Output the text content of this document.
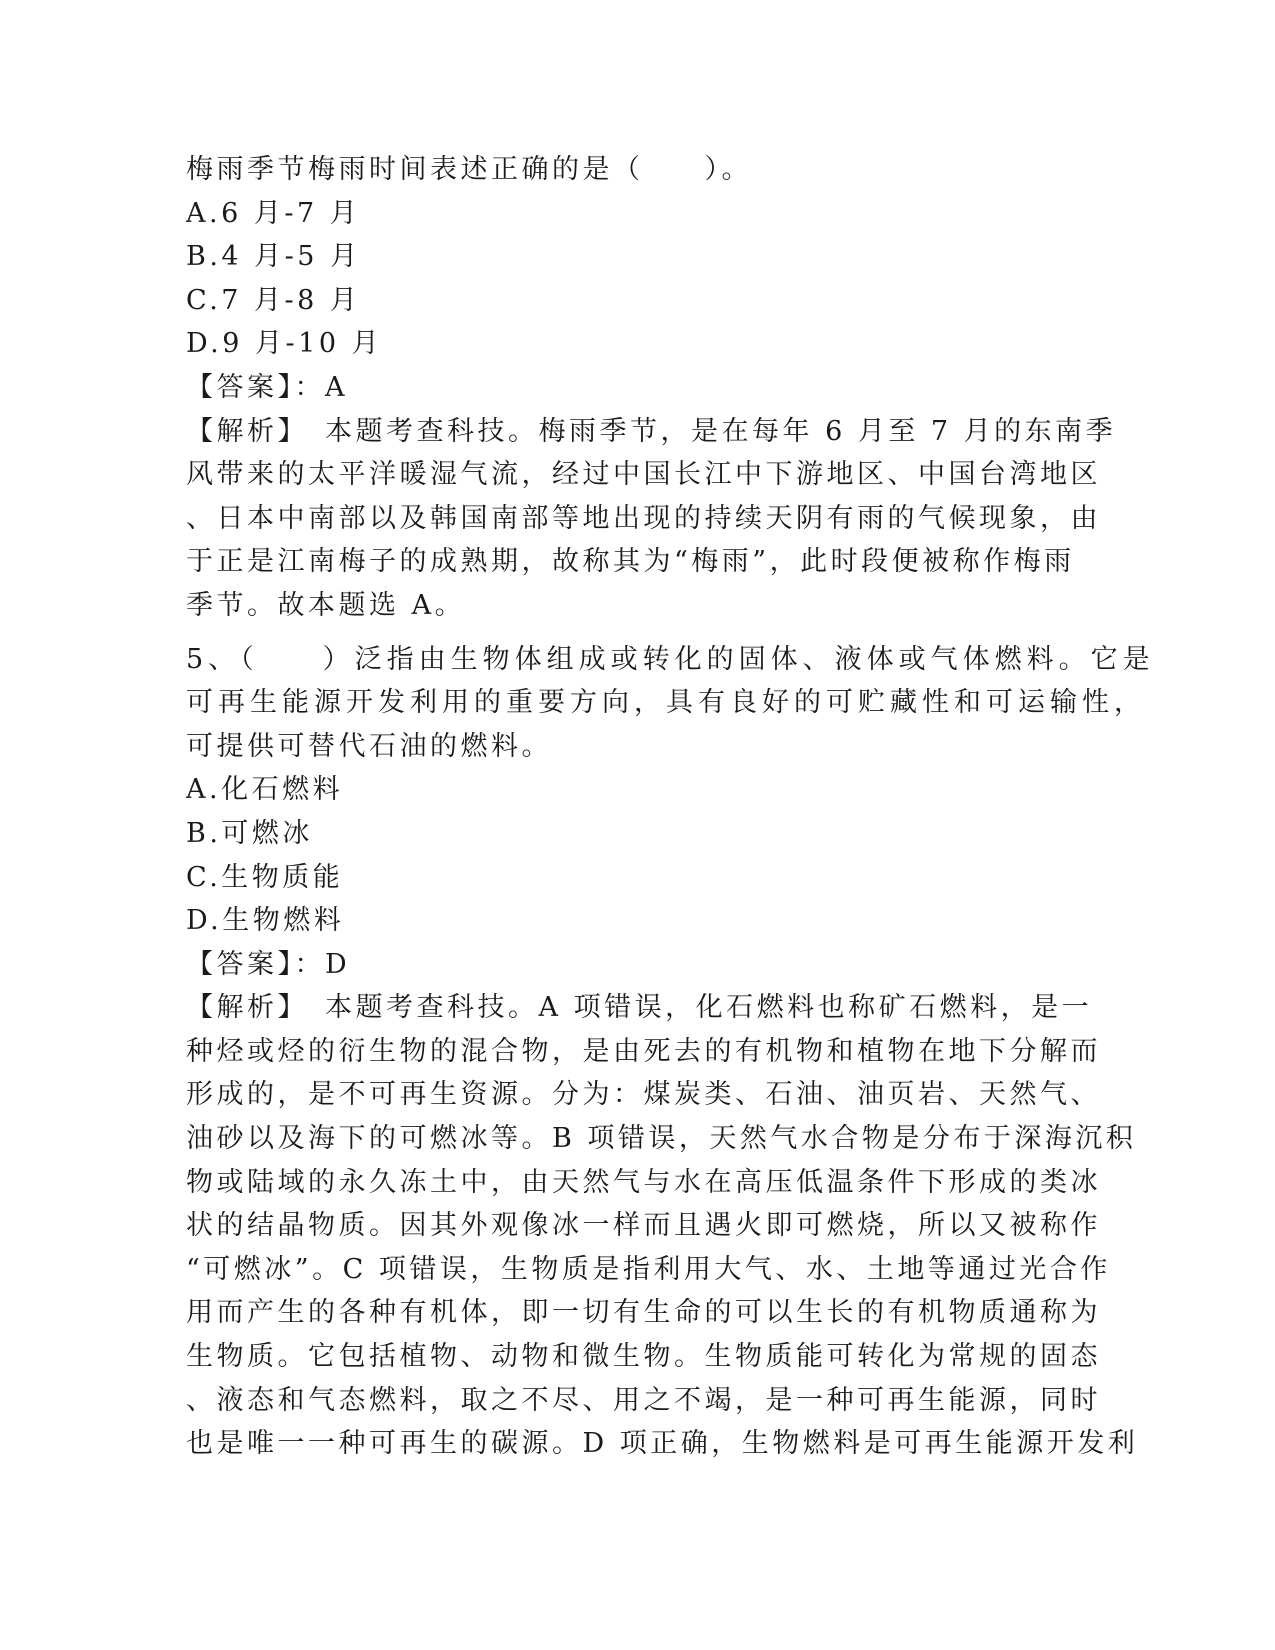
梅雨季节梅雨时间表述正确的是（　　）。
A.6 月-7 月
B.4 月-5 月
C.7 月-8 月
D.9 月-10 月
【答案】：A
【解析】　本题考查科技。梅雨季节，是在每年 6 月至 7 月的东南季
风带来的太平洋暖湿气流，经过中国长江中下游地区、中国台湾地区
、日本中南部以及韩国南部等地出现的持续天阴有雨的气候现象，由
于正是江南梅子的成熟期，故称其为“梅雨”，此时段便被称作梅雨
季节。故本题选 A。
5、（　　）泛指由生物体组成或转化的固体、液体或气体燃料。它是
可再生能源开发利用的重要方向，具有良好的可贮藏性和可运输性，
可提供可替代石油的燃料。
A.化石燃料
B.可燃冰
C.生物质能
D.生物燃料
【答案】：D
【解析】　本题考查科技。A 项错误，化石燃料也称矿石燃料，是一
种烃或烃的衍生物的混合物，是由死去的有机物和植物在地下分解而
形成的，是不可再生资源。分为：煤炭类、石油、油页岩、天然气、
油砂以及海下的可燃冰等。B 项错误，天然气水合物是分布于深海沉积
物或陆域的永久冻土中，由天然气与水在高压低温条件下形成的类冰
状的结晶物质。因其外观像冰一样而且遇火即可燃烧，所以又被称作
“可燃冰”。C 项错误，生物质是指利用大气、水、土地等通过光合作
用而产生的各种有机体，即一切有生命的可以生长的有机物质通称为
生物质。它包括植物、动物和微生物。生物质能可转化为常规的固态
、液态和气态燃料，取之不尽、用之不竭，是一种可再生能源，同时
也是唯一一种可再生的碳源。D 项正确，生物燃料是可再生能源开发利
